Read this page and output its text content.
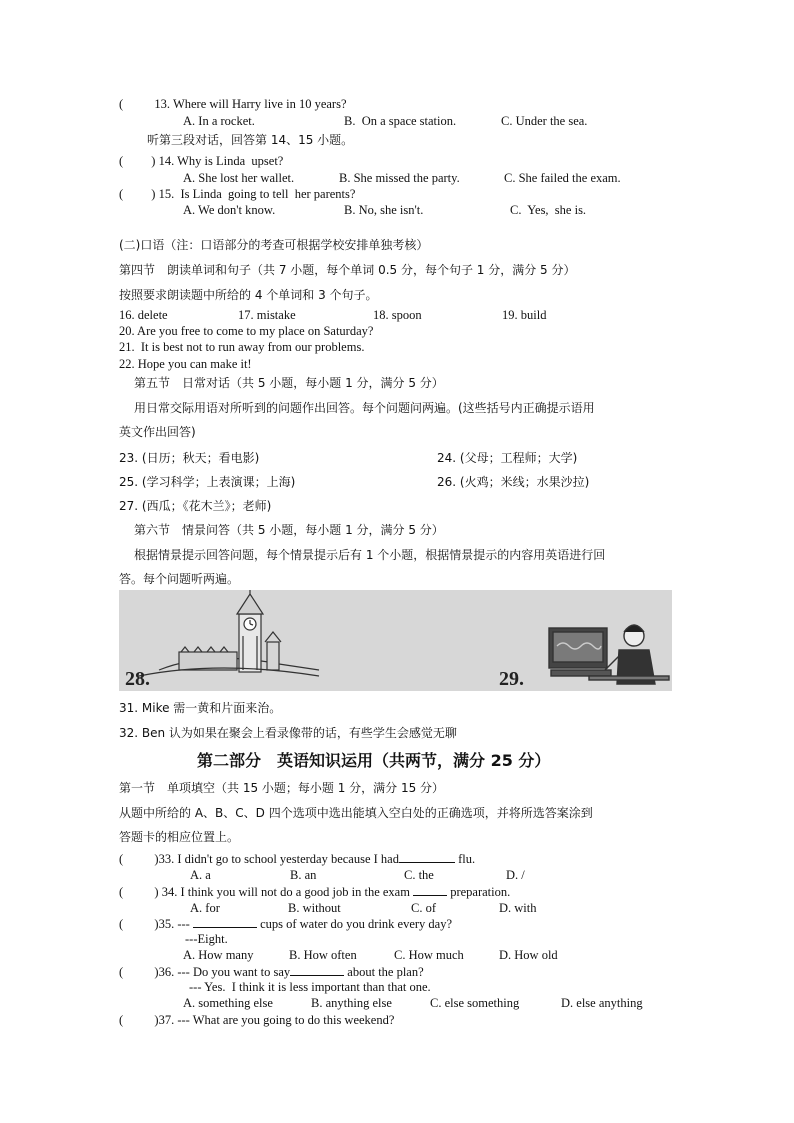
(	13. Where will Harry live in 10 years?
A. In a rocket.	B.  On a space station.	C. Under the sea.
听第三段对话，回答第 14、15 小题。
(         ) 14. Why is Linda  upset?
A. She lost her wallet.	B. She missed the party.	C. She failed the exam.
(         ) 15.  Is Linda  going to tell  her parents?
A. We don't know.	B. No, she isn't.	C.  Yes,  she is.
(二)口语（注：口语部分的考查可根据学校安排单独考核）
第四节　朗读单词和句子（共 7 小题，每个单词 0.5 分，每个句子 1 分，满分 5 分）
按照要求朗读题中所给的 4 个单词和 3 个句子。
16. delete	17. mistake	18. spoon	19. build
20. Are you free to come to my place on Saturday?
21.  It is best not to run away from our problems.
22. Hope you can make it!
第五节　日常对话（共 5 小题，每小题 1 分，满分 5 分）
用日常交际用语对所听到的问题作出回答。每个问题问两遍。(这些括号内正确提示语用
英文作出回答)
23. (日历；秋天；看电影)	24. (父母；工程师；大学)
25. (学习科学；上表演课；上海)	26. (火鸡；米线；水果沙拉)
27. (西瓜；《花木兰》；老师)
第六节　情景问答（共 5 小题，每小题 1 分，满分 5 分）
根据情景提示回答问题，每个情景提示后有 1 个小题，根据情景提示的内容用英语进行回
答。每个问题听两遍。
28.	29.
31. Mike 需一黄和片面来治。
32. Ben 认为如果在聚会上看录像带的话，有些学生会感觉无聊
第二部分　英语知识运用（共两节，满分 25 分）
第一节　单项填空（共 15 小题；每小题 1 分，满分 15 分）
从题中所给的 A、B、C、D 四个选项中选出能填入空白处的正确选项，并将所选答案涂到
答题卡的相应位置上。
(          )33. I didn't go to school yesterday because I had	flu.
A. a	B. an	C. the	D. /
(          ) 34. I think you will not do a good job in the exam	preparation.
A. for	B. without	C. of	D. with
(          )35. ---	cups of water do you drink every day?
---Eight.
A. How many	B. How often	C. How much	D. How old
(          )36. --- Do you want to say	about the plan?
--- Yes.  I think it is less important than that one.
A. something else	B. anything else	C. else something	D. else anything
(          )37. --- What are you going to do this weekend?
